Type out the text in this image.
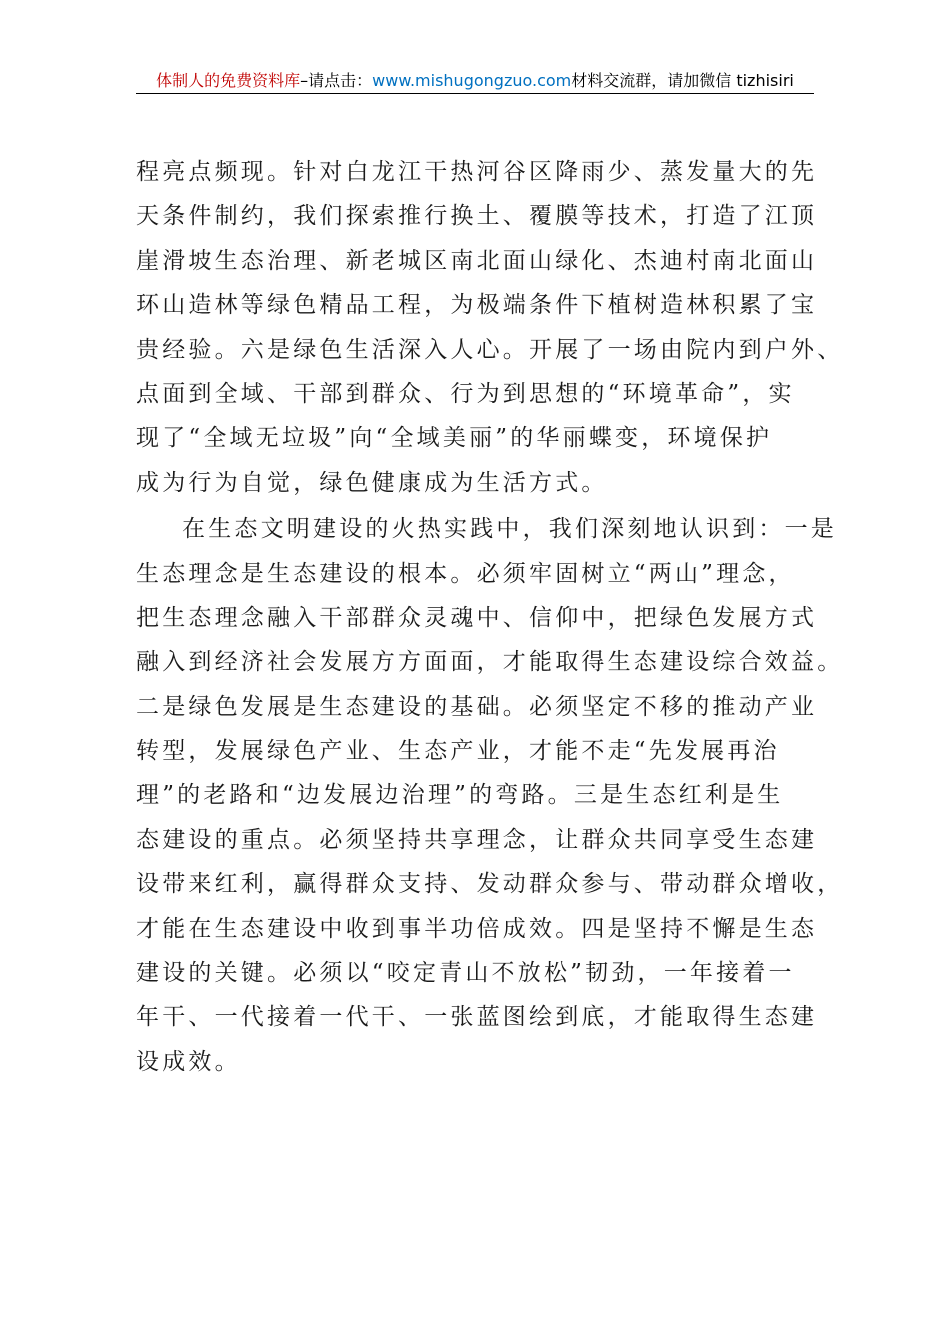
体制人的免费资料库 –请点击： www.mishugongzuo.com 材料交流群，请加微信 tizhisiri
程亮点频现。针对白龙江干热河谷区降雨少、蒸发量大的先
天条件制约，我们探索推行换土、覆膜等技术，打造了江顶
崖滑坡生态治理、新老城区南北面山绿化、杰迪村南北面山
环山造林等绿色精品工程，为极端条件下植树造林积累了宝
贵经验。六是绿色生活深入人心。开展了一场由院内到户外、
点面到全域、干部到群众、行为到思想的“环境革命”，实
现了“全域无垃圾”向“全域美丽”的华丽蝶变，环境保护
成为行为自觉，绿色健康成为生活方式。
在生态文明建设的火热实践中，我们深刻地认识到：一是
生态理念是生态建设的根本。必须牢固树立“两山”理念，
把生态理念融入干部群众灵魂中、信仰中，把绿色发展方式
融入到经济社会发展方方面面，才能取得生态建设综合效益。
二是绿色发展是生态建设的基础。必须坚定不移的推动产业
转型，发展绿色产业、生态产业，才能不走“先发展再治
理”的老路和“边发展边治理”的弯路。三是生态红利是生
态建设的重点。必须坚持共享理念，让群众共同享受生态建
设带来红利，赢得群众支持、发动群众参与、带动群众增收，
才能在生态建设中收到事半功倍成效。四是坚持不懈是生态
建设的关键。必须以“咬定青山不放松”韧劲，一年接着一
年干、一代接着一代干、一张蓝图绘到底，才能取得生态建
设成效。
